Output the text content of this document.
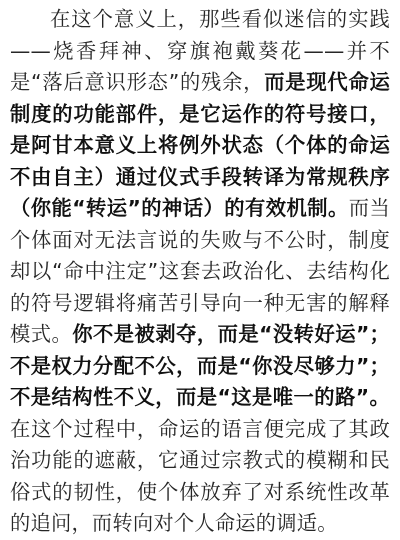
在这个意义上，那些看似迷信的实践——烧香拜神、穿旗袍戴葵花——并不是“落后意识形态”的残余，而是现代命运制度的功能部件，是它运作的符号接口，是阿甘本意义上将例外状态（个体的命运不由自主）通过仪式手段转译为常规秩序（你能“转运”的神话）的有效机制。而当个体面对无法言说的失败与不公时，制度却以“命中注定”这套去政治化、去结构化的符号逻辑将痛苦引导向一种无害的解释模式。你不是被剥夺，而是“没转好运”；不是权力分配不公，而是“你没尽够力”；不是结构性不义，而是“这是唯一的路”。在这个过程中，命运的语言便完成了其政治功能的遮蔽，它通过宗教式的模糊和民俗式的韧性，使个体放弃了对系统性改革的追问，而转向对个人命运的调适。
